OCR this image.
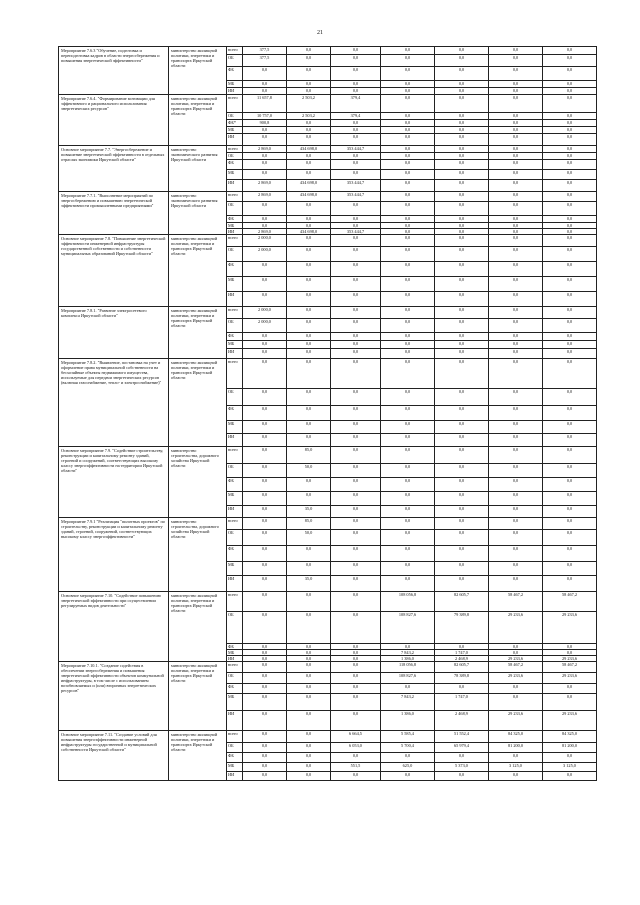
21
Мероприятие 7.6.3 "Обучение, подготовка и переподготовка кадров в области энергосбережения и повышения энергетической эффективности"	министерство жилищной политики, энергетики и транспорта Иркутской области	всего	377,5	0,0	0,0	0,0	0,0	0,0	0,0
		ОБ	377,5	0,0	0,0	0,0	0,0	0,0	0,0
		ФБ	0,0	0,0	0,0	0,0	0,0	0,0	0,0
		МБ	0,0	0,0	0,0	0,0	0,0	0,0	0,0
		ИИ	0,0	0,0	0,0	0,0	0,0	0,0	0,0
Мероприятие 7.6.4. "Формирование мотивации для эффективного и рационального использования энергетических ресурсов"	министерство жилищной политики, энергетики и транспорта Иркутской области	всего	11 657,8	2 503,2	379,4	0,0	0,0	0,0	0,0
		ОБ	10 757,0	2 503,2	379,4	0,0	0,0	0,0	0,0
		ФБ*	900,8	0,0	0,0	0,0	0,0	0,0	0,0
		МБ	0,0	0,0	0,0	0,0	0,0	0,0	0,0
		ИИ	0,0	0,0	0,0	0,0	0,0	0,0	0,0
Основное мероприятие 7.7. "Энергосбережение и повышение энергетической эффективности в отдельных отраслях экономики Иркутской области"	министерство экономического развития Иркутской области	всего	2 869,0	434 698,0	353 444,7	0,0	0,0	0,0	0,0
		ОБ	0,0	0,0	0,0	0,0	0,0	0,0	0,0
		ФБ	0,0	0,0	0,0	0,0	0,0	0,0	0,0
		МБ	0,0	0,0	0,0	0,0	0,0	0,0	0,0
		ИИ	2 869,0	434 698,0	353 444,7	0,0	0,0	0,0	0,0
Мероприятие 7.7.1. "Выполнение мероприятий по энергосбережению и повышению энергетической эффективности промышленными предприятиями"	министерство экономического развития Иркутской области	всего	2 869,0	434 698,0	353 444,7	0,0	0,0	0,0	0,0
		ОБ	0,0	0,0	0,0	0,0	0,0	0,0	0,0
		ФБ	0,0	0,0	0,0	0,0	0,0	0,0	0,0
		МБ	0,0	0,0	0,0	0,0	0,0	0,0	0,0
		ИИ	2 869,0	434 698,0	353 444,7	0,0	0,0	0,0	0,0
Основное мероприятие 7.8. "Повышение энергетической эффективности инженерной инфраструктуры государственной собственности и собственности муниципальных образований Иркутской области"	министерство жилищной политики, энергетики и транспорта Иркутской области	всего	2 000,0	0,0	0,0	0,0	0,0	0,0	0,0
		ОБ	2 000,0	0,0	0,0	0,0	0,0	0,0	0,0
		ФБ	0,0	0,0	0,0	0,0	0,0	0,0	0,0
		МБ	0,0	0,0	0,0	0,0	0,0	0,0	0,0
		ИИ	0,0	0,0	0,0	0,0	0,0	0,0	0,0
Мероприятие 7.8.1. "Развитие электросетевого комплекса Иркутской области"	министерство жилищной политики, энергетики и транспорта Иркутской области	всего	2 000,0	0,0	0,0	0,0	0,0	0,0	0,0
		ОБ	2 000,0	0,0	0,0	0,0	0,0	0,0	0,0
		ФБ	0,0	0,0	0,0	0,0	0,0	0,0	0,0
		МБ	0,0	0,0	0,0	0,0	0,0	0,0	0,0
		ИИ	0,0	0,0	0,0	0,0	0,0	0,0	0,0
Мероприятие 7.8.2. "Выявление, постановка на учет и оформление права муниципальной собственности на бесхозяйные объекты недвижимого имущества, используемые для передачи энергетических ресурсов (включая газоснабжение, тепло- и электроснабжение)"	министерство жилищной политики, энергетики и транспорта Иркутской области	всего	0,0	0,0	0,0	0,0	0,0	0,0	0,0
		ОБ	0,0	0,0	0,0	0,0	0,0	0,0	0,0
		ФБ	0,0	0,0	0,0	0,0	0,0	0,0	0,0
		МБ	0,0	0,0	0,0	0,0	0,0	0,0	0,0
		ИИ	0,0	0,0	0,0	0,0	0,0	0,0	0,0
Основное мероприятие 7.9. "Содействие строительству, реконструкции и капитальному ремонту зданий, строений и сооружений, соответствующих высокому классу энергоэффективности на территории Иркутской области"	министерство строительства, дорожного хозяйства Иркутской области	всего	0,0	85,0	0,0	0,0	0,0	0,0	0,0
		ОБ	0,0	50,0	0,0	0,0	0,0	0,0	0,0
		ФБ	0,0	0,0	0,0	0,0	0,0	0,0	0,0
		МБ	0,0	0,0	0,0	0,0	0,0	0,0	0,0
		ИИ	0,0	35,0	0,0	0,0	0,0	0,0	0,0
Мероприятие 7.9.1 "Реализация "пилотных проектов" по строительству, реконструкции и капитальному ремонту зданий, строений, сооружений, соответствующих высокому классу энергоэффективности"	министерство строительства, дорожного хозяйства Иркутской области	всего	0,0	85,0	0,0	0,0	0,0	0,0	0,0
		ОБ	0,0	50,0	0,0	0,0	0,0	0,0	0,0
		ФБ	0,0	0,0	0,0	0,0	0,0	0,0	0,0
		МБ	0,0	0,0	0,0	0,0	0,0	0,0	0,0
		ИИ	0,0	35,0	0,0	0,0	0,0	0,0	0,0
Основное мероприятие 7.10. "Содействие повышению энергетической эффективности при осуществлении регулируемых видов деятельности"	министерство жилищной политики, энергетики и транспорта Иркутской области	всего	0,0	0,0	0,0	108 056,8	82 605,7	58 467,2	58 467,2
		ОБ	0,0	0,0	0,0	108 827,6	79 389,8	29 233,6	29 233,6
		ФБ	0,0	0,0	0,0	0,0	0,0	0,0	0,0
		МБ	0,0	0,0	0,0	7 843,2	1 747,0	0,0	0,0
		ИИ	0,0	0,0	0,0	1 386,0	2 468,9	29 233,6	29 233,6
Мероприятие 7.10.1. "Создание содействия в обеспечении энергосбережения и повышения энергетической эффективности объектов коммунальной инфраструктуры, в том числе с использованием возобновляемых и (или) вторичных энергетических ресурсов"	министерство жилищной политики, энергетики и транспорта Иркутской области	всего	0,0	0,0	0,0	118 056,8	82 605,7	58 467,2	58 467,2
		ОБ	0,0	0,0	0,0	108 827,6	78 389,8	29 233,6	29 233,6
		ФБ	0,0	0,0	0,0	0,0	0,0	0,0	0,0
		МБ	0,0	0,0	0,0	7 843,2	1 747,0	0,0	0,0
		ИИ	0,0	0,0	0,0	1 386,0	2 468,9	29 233,6	29 233,6
Основное мероприятие 7.11. "Создание условий для повышения энергоэффективности инженерной инфраструктуры государственной и муниципальной собственности Иркутской области"	министерство жилищной политики, энергетики и транспорта Иркутской области	всего	0,0	0,0	6 664,5	5 585,4	51 552,4	84 325,0	84 325,0
		ОБ	0,0	0,0	6 053,0	5 700,4	65 979,4	81 200,0	81 200,0
		ФБ	0,0	0,0	0,0	0,0	0,0	0,0	0,0
		МБ	0,0	0,0	551,5	625,0	5 373,0	3 125,0	3 125,0
		ИИ	0,0	0,0	0,0	0,0	0,0	0,0	0,0
